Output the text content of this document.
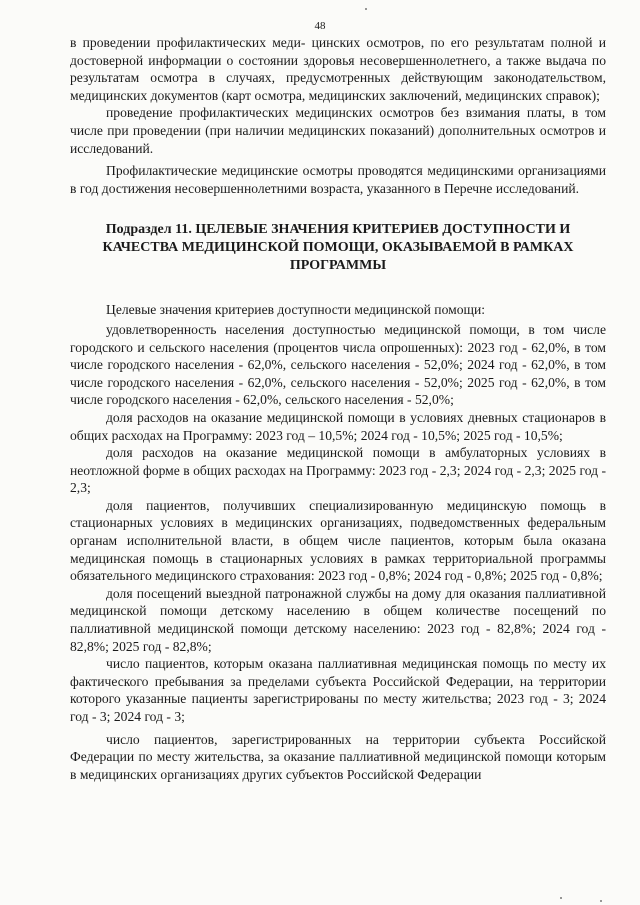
48

в проведении профилактических меди- цинских осмотров, по его результатам полной и достоверной информации о состоянии здоровья несовершеннолетнего, а также выдача по результатам осмотра в случаях, предусмотренных действующим законодательством, медицинских документов (карт осмотра, медицинских заключений, медицинских справок);

проведение профилактических медицинских осмотров без взимания платы, в том числе при проведении (при наличии медицинских показаний) дополнительных осмотров и исследований.

Профилактические медицинские осмотры проводятся медицинскими организациями в год достижения несовершеннолетними возраста, указанного в Перечне исследований.

Подраздел 11. ЦЕЛЕВЫЕ ЗНАЧЕНИЯ КРИТЕРИЕВ ДОСТУПНОСТИ И КАЧЕСТВА МЕДИЦИНСКОЙ ПОМОЩИ, ОКАЗЫВАЕМОЙ В РАМКАХ ПРОГРАММЫ

Целевые значения критериев доступности медицинской помощи:

удовлетворенность населения доступностью медицинской помощи, в том числе городского и сельского населения (процентов числа опрошенных): 2023 год - 62,0%, в том числе городского населения - 62,0%, сельского населения - 52,0%; 2024 год - 62,0%, в том числе городского населения - 62,0%, сельского населения - 52,0%; 2025 год - 62,0%, в том числе городского населения - 62,0%, сельского населения - 52,0%;

доля расходов на оказание медицинской помощи в условиях дневных стационаров в общих расходах на Программу: 2023 год – 10,5%; 2024 год - 10,5%; 2025 год - 10,5%;

доля расходов на оказание медицинской помощи в амбулаторных условиях в неотложной форме в общих расходах на Программу: 2023 год - 2,3; 2024 год - 2,3; 2025 год - 2,3;

доля пациентов, получивших специализированную медицинскую помощь в стационарных условиях в медицинских организациях, подведомственных федеральным органам исполнительной власти, в общем числе пациентов, которым была оказана медицинская помощь в стационарных условиях в рамках территориальной программы обязательного медицинского страхования: 2023 год - 0,8%; 2024 год - 0,8%; 2025 год - 0,8%;

доля посещений выездной патронажной службы на дому для оказания паллиативной медицинской помощи детскому населению в общем количестве посещений по паллиативной медицинской помощи детскому населению: 2023 год - 82,8%; 2024 год - 82,8%; 2025 год - 82,8%;

число пациентов, которым оказана паллиативная медицинская помощь по месту их фактического пребывания за пределами субъекта Российской Федерации, на территории которого указанные пациенты зарегистрированы по месту жительства; 2023 год - 3; 2024 год - 3; 2024 год - 3;

число пациентов, зарегистрированных на территории субъекта Российской Федерации по месту жительства, за оказание паллиативной медицинской помощи которым в медицинских организациях других субъектов Российской Федерации
